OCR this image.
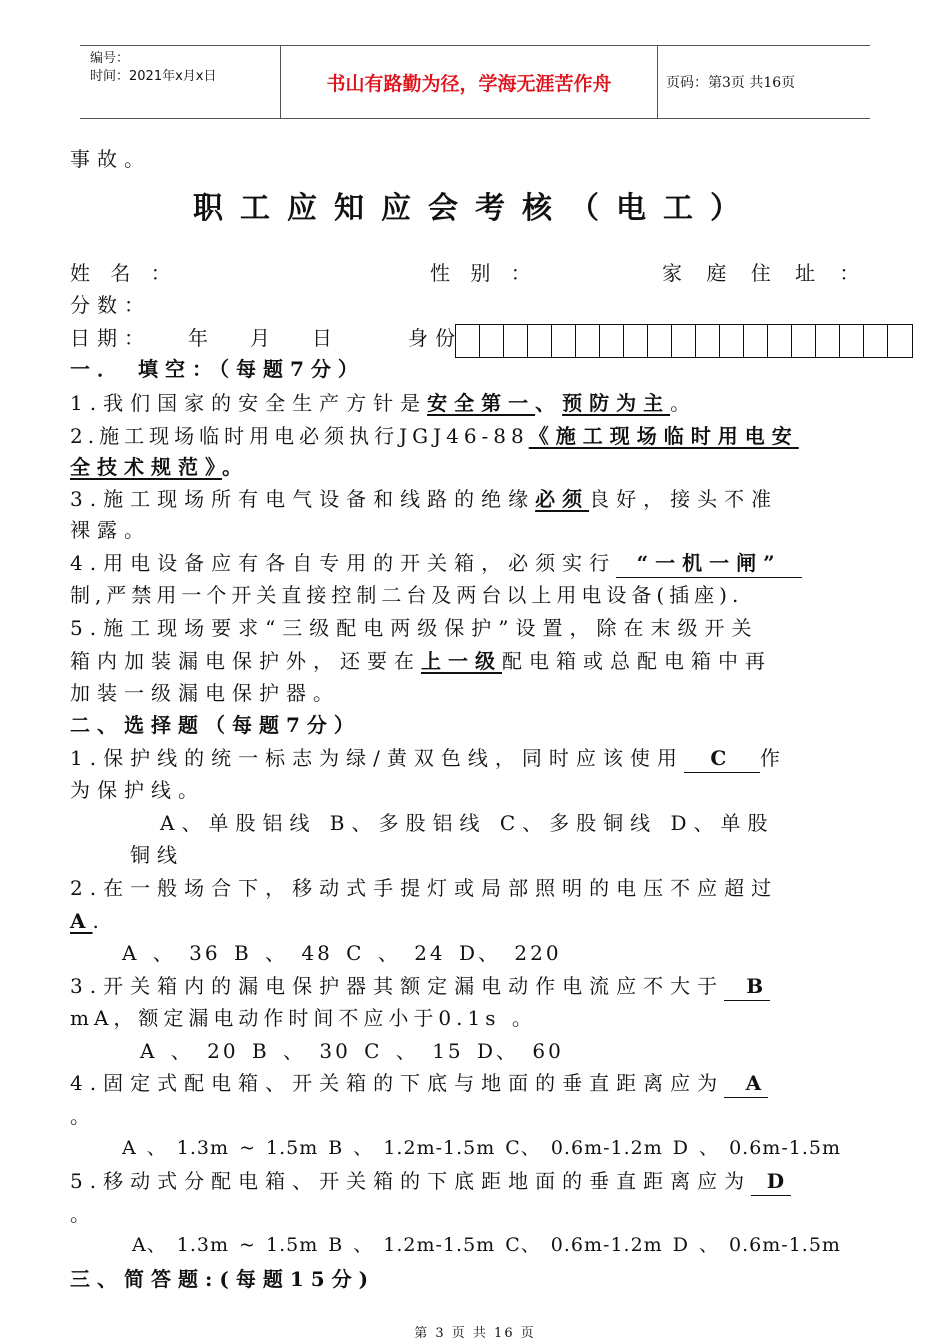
编号：
时间：2021年x月x日	书山有路勤为径，学海无涯苦作舟	页码：第3页 共16页
事故。
职工应知应会考核（电工）
姓 名 ：	性 别 ：	家 庭 住 址 ：
分数：
日期： 年 月 日	身份
一． 填空：（每题7分）
1.我们国家的安全生产方针是安全第一、预防为主。
2.施工现场临时用电必须执行JGJ46-88《施工现场临时用电安
全技术规范》。
3.施工现场所有电气设备和线路的绝缘必须良好，接头不准
裸露。
4.用电设备应有各自专用的开关箱，必须实行 “一机一闸”
制,严禁用一个开关直接控制二台及两台以上用电设备(插座).
5.施工现场要求“三级配电两级保护”设置，除在末级开关
箱内加装漏电保护外，还要在上一级配电箱或总配电箱中再
加装一级漏电保护器。
二、选择题（每题7分）
1.保护线的统一标志为绿/黄双色线，同时应该使用 C 作
为保护线。
A、单股铝线 B、多股铝线 C、多股铜线 D、单股
铜线
2.在一般场合下，移动式手提灯或局部照明的电压不应超过
A.
A 、 36 B 、 48 C 、 24 D、 220
3.开关箱内的漏电保护器其额定漏电动作电流应不大于 B
mA，额定漏电动作时间不应小于0.1s 。
A 、 20 B 、 30 C 、 15 D、 60
4.固定式配电箱、开关箱的下底与地面的垂直距离应为 A
。
A 、 1.3m ~ 1.5m B 、 1.2m-1.5m C、 0.6m-1.2m D 、 0.6m-1.5m
5.移动式分配电箱、开关箱的下底距地面的垂直距离应为 D
。
A、 1.3m ~ 1.5m B 、 1.2m-1.5m C、 0.6m-1.2m D 、 0.6m-1.5m
三、简答题:(每题15分)
第 3 页 共 16 页
